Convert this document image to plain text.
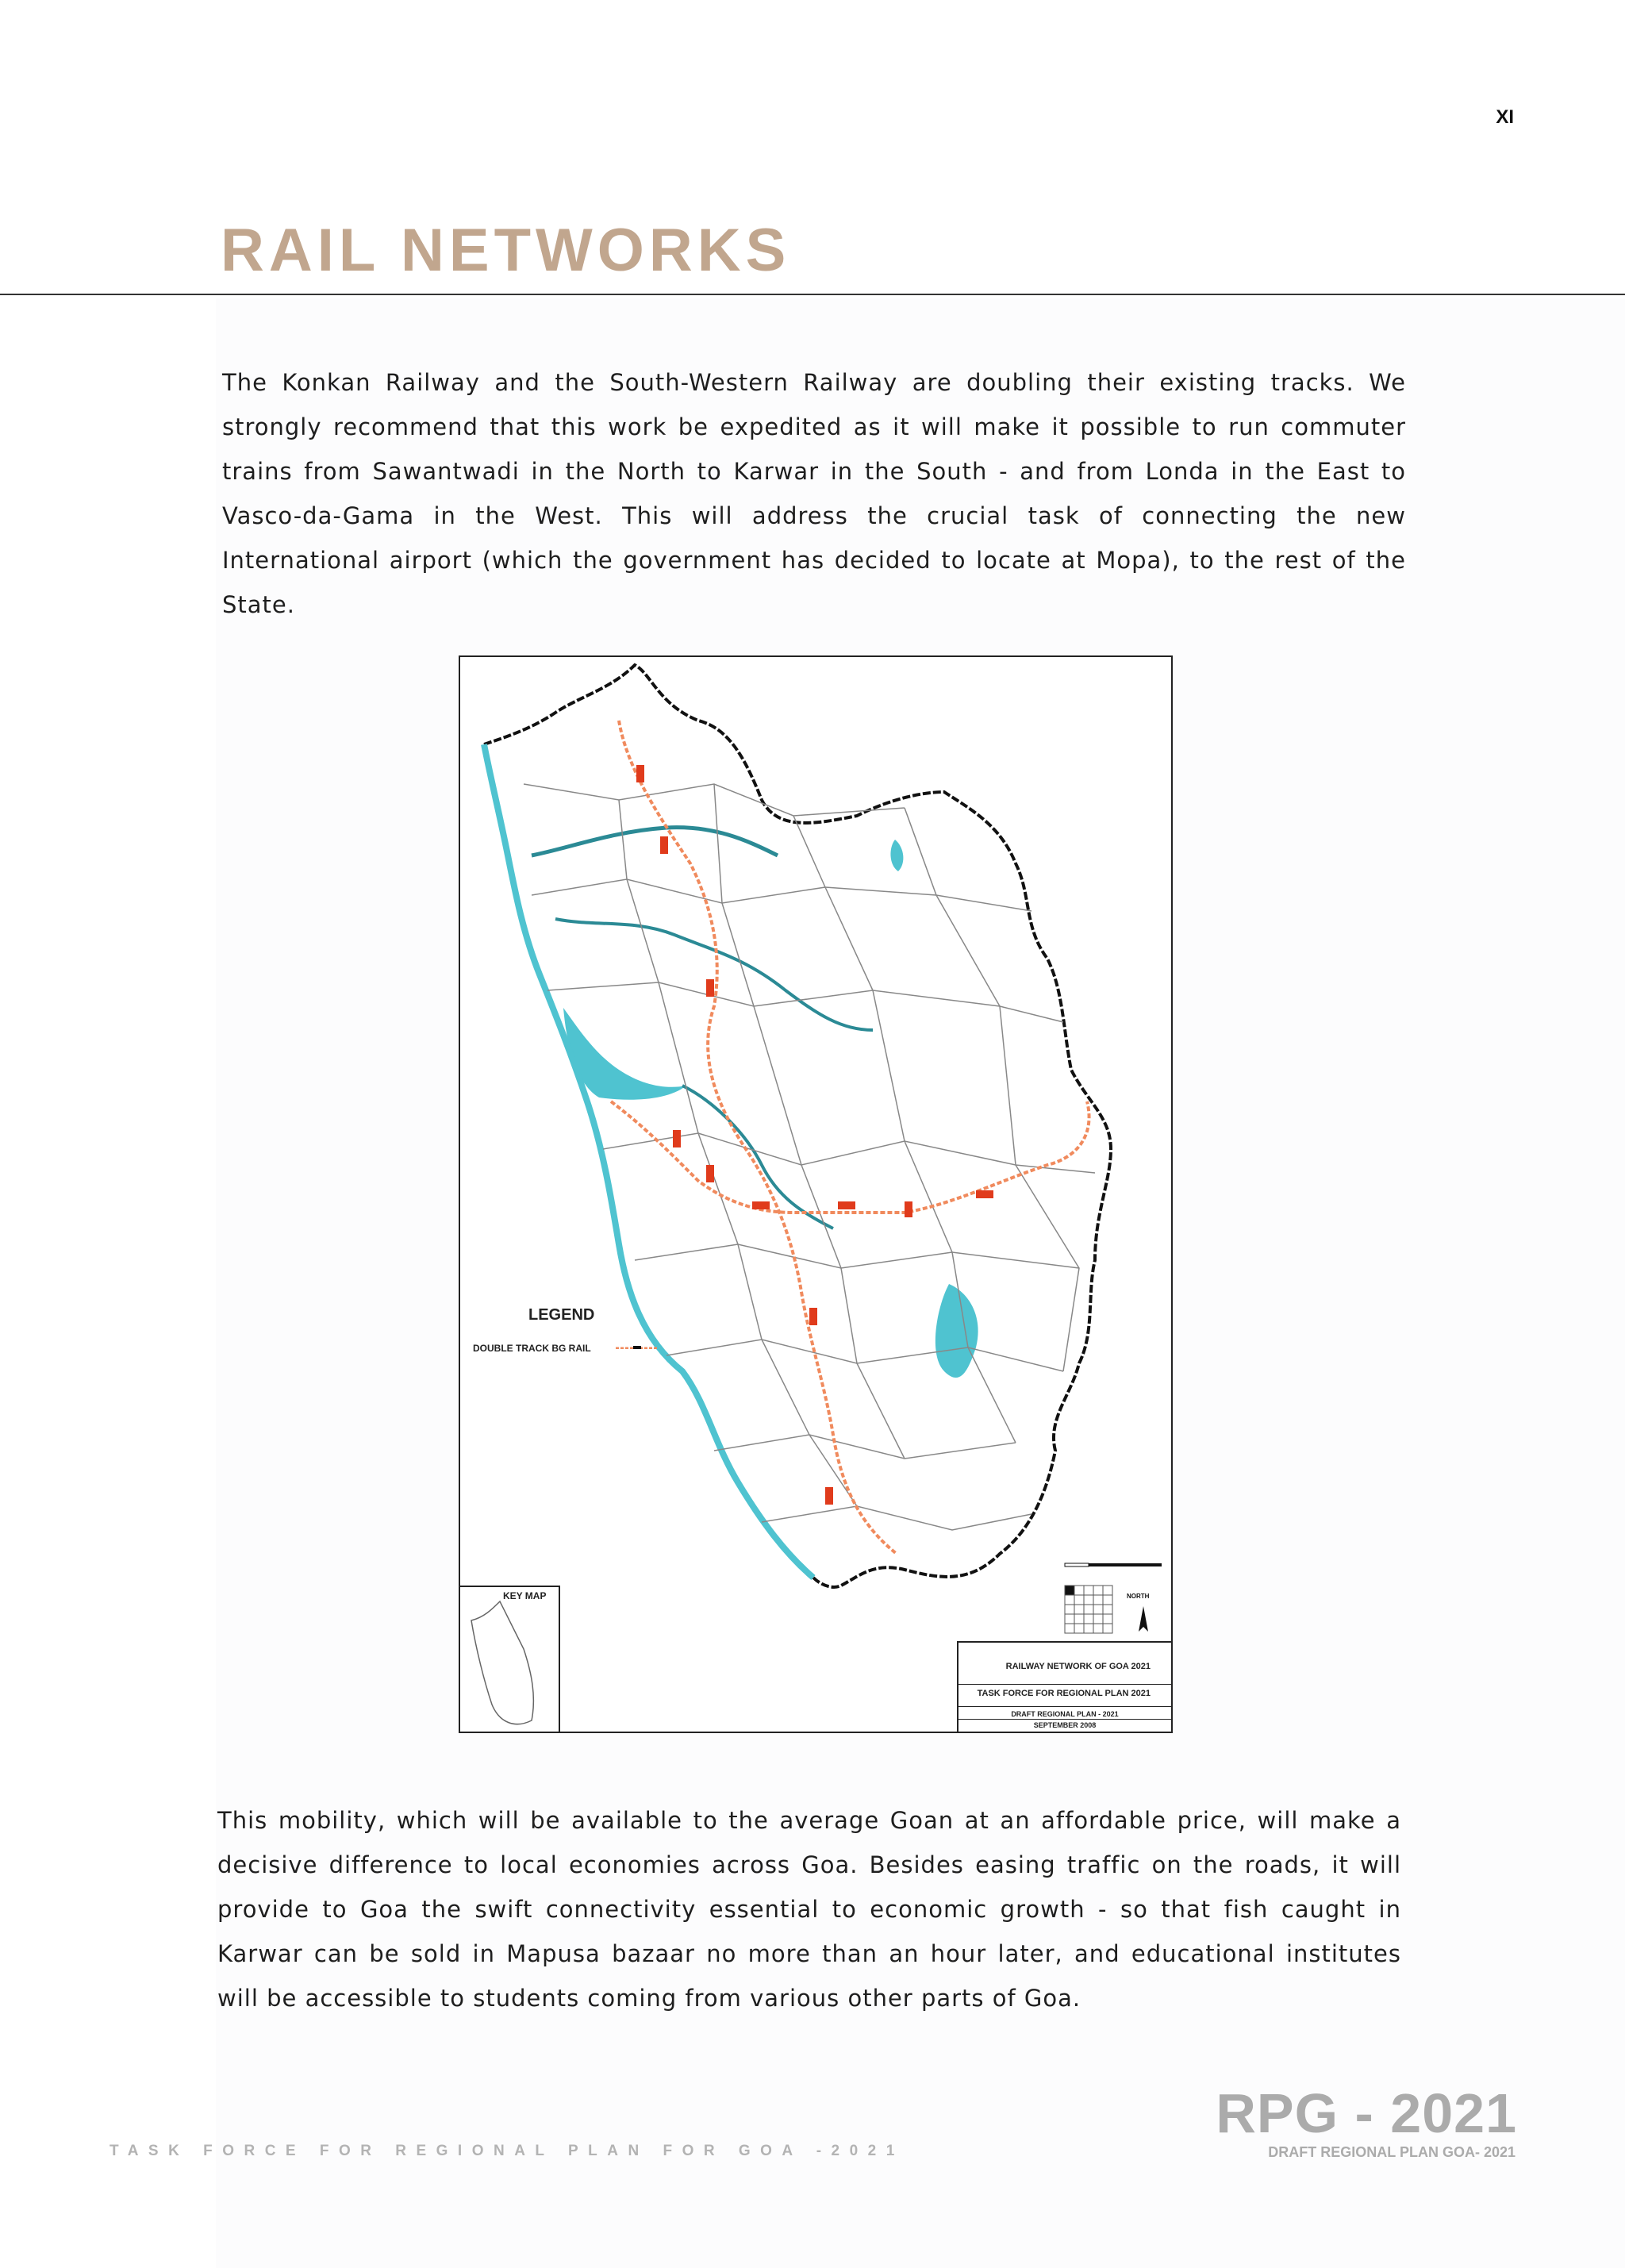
XI
RAIL NETWORKS

The Konkan Railway and the South-Western Railway are doubling their existing tracks. We strongly recommend that this work be expedited as it will make it possible to run commuter trains from Sawantwadi in the North to Karwar in the South - and from Londa in the East to Vasco-da-Gama in the West. This will address the crucial task of connecting the new International airport (which the government has decided to locate at Mopa), to the rest of the State.

NORTH
LEGEND
DOUBLE TRACK BG RAIL
KEY MAP
RAILWAY NETWORK OF GOA 2021
TASK FORCE FOR REGIONAL PLAN 2021
DRAFT REGIONAL PLAN - 2021
SEPTEMBER 2008

This mobility, which will be available to the average Goan at an affordable price, will make a decisive difference to local economies across Goa. Besides easing traffic on the roads, it will provide to Goa the swift connectivity essential to economic growth - so that fish caught in Karwar can be sold in Mapusa bazaar no more than an hour later, and educational institutes will be accessible to students coming from various other parts of Goa.

TASK FORCE FOR REGIONAL PLAN FOR GOA -2021
RPG - 2021
DRAFT REGIONAL PLAN GOA- 2021
